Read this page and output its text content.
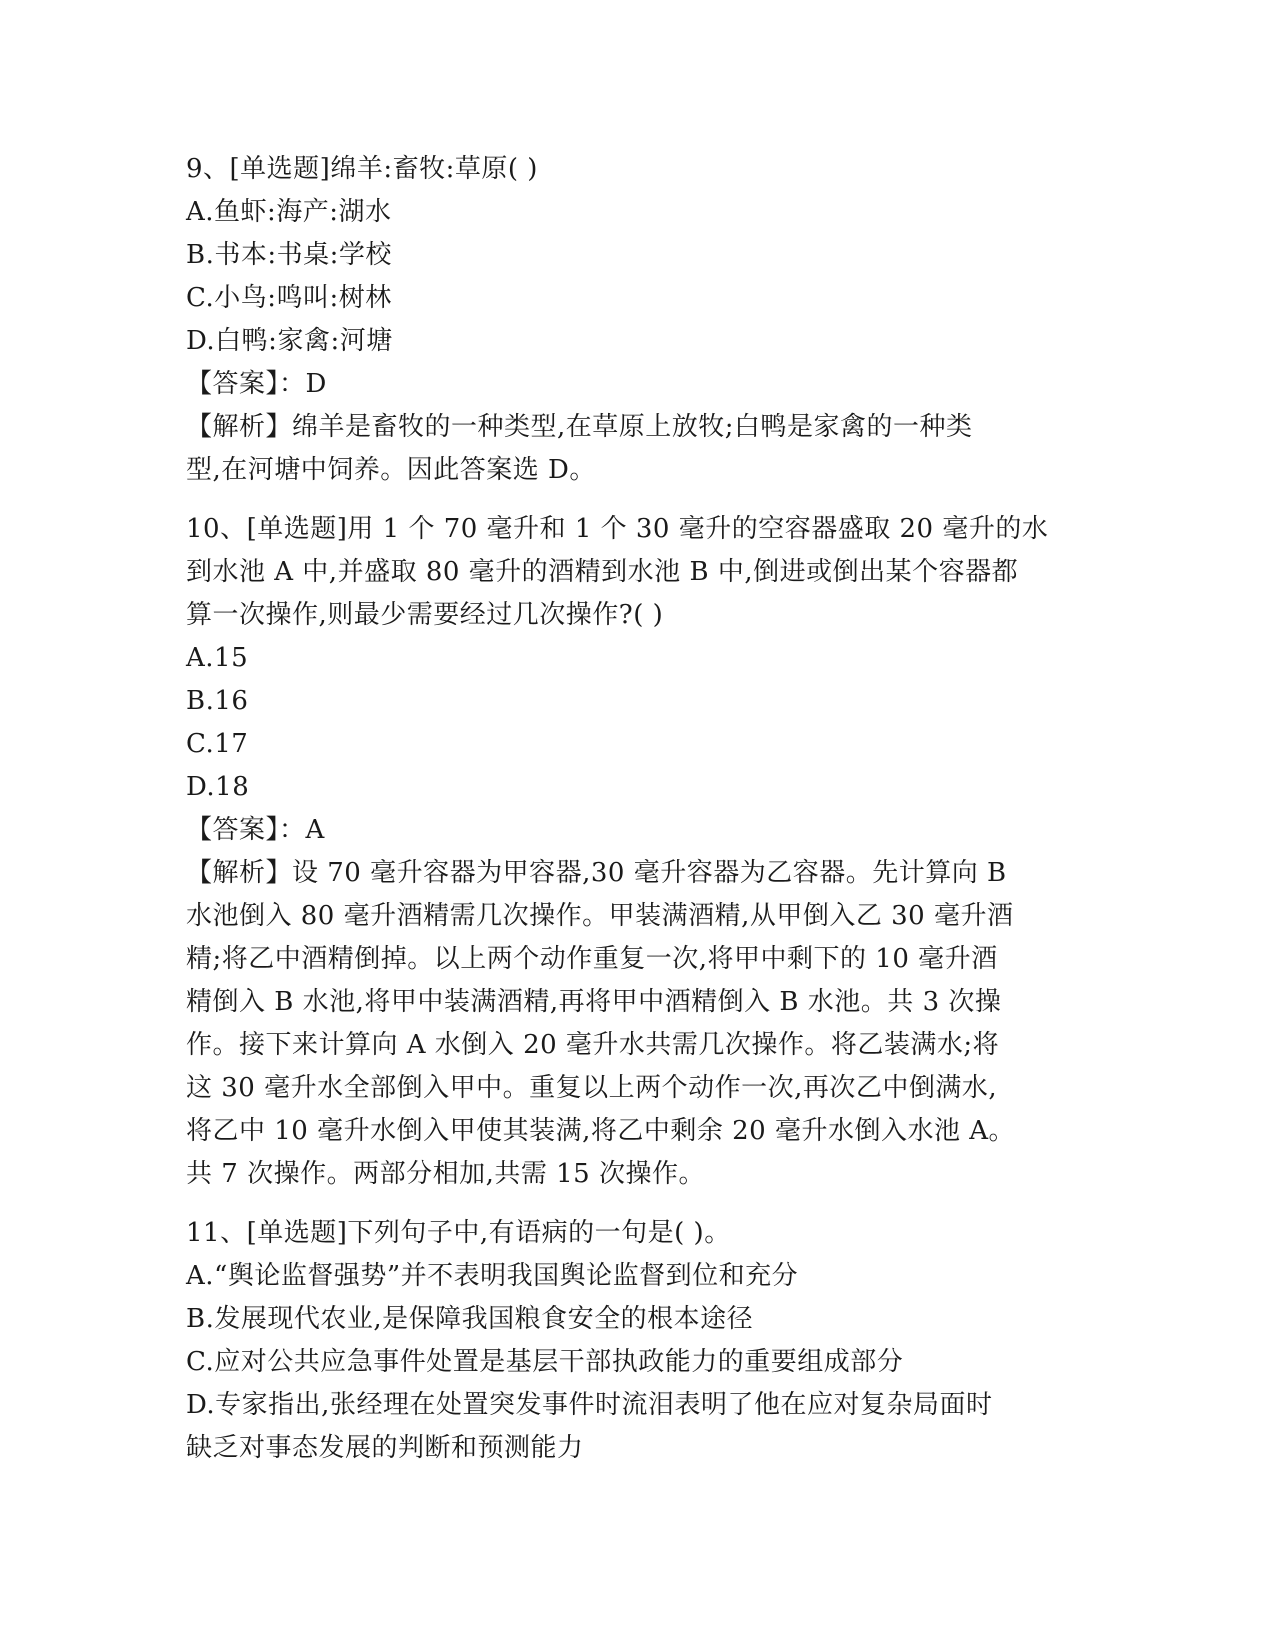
9、[单选题]绵羊:畜牧:草原( )
A.鱼虾:海产:湖水
B.书本:书桌:学校
C.小鸟:鸣叫:树林
D.白鸭:家禽:河塘
【答案】：D
【解析】绵羊是畜牧的一种类型,在草原上放牧;白鸭是家禽的一种类
型,在河塘中饲养。因此答案选 D。
10、[单选题]用 1 个 70 毫升和 1 个 30 毫升的空容器盛取 20 毫升的水
到水池 A 中,并盛取 80 毫升的酒精到水池 B 中,倒进或倒出某个容器都
算一次操作,则最少需要经过几次操作?( )
A.15
B.16
C.17
D.18
【答案】：A
【解析】设 70 毫升容器为甲容器,30 毫升容器为乙容器。先计算向 B
水池倒入 80 毫升酒精需几次操作。甲装满酒精,从甲倒入乙 30 毫升酒
精;将乙中酒精倒掉。以上两个动作重复一次,将甲中剩下的 10 毫升酒
精倒入 B 水池,将甲中装满酒精,再将甲中酒精倒入 B 水池。共 3 次操
作。接下来计算向 A 水倒入 20 毫升水共需几次操作。将乙装满水;将
这 30 毫升水全部倒入甲中。重复以上两个动作一次,再次乙中倒满水,
将乙中 10 毫升水倒入甲使其装满,将乙中剩余 20 毫升水倒入水池 A。
共 7 次操作。两部分相加,共需 15 次操作。
11、[单选题]下列句子中,有语病的一句是( )。
A.“舆论监督强势”并不表明我国舆论监督到位和充分
B.发展现代农业,是保障我国粮食安全的根本途径
C.应对公共应急事件处置是基层干部执政能力的重要组成部分
D.专家指出,张经理在处置突发事件时流泪表明了他在应对复杂局面时
缺乏对事态发展的判断和预测能力
